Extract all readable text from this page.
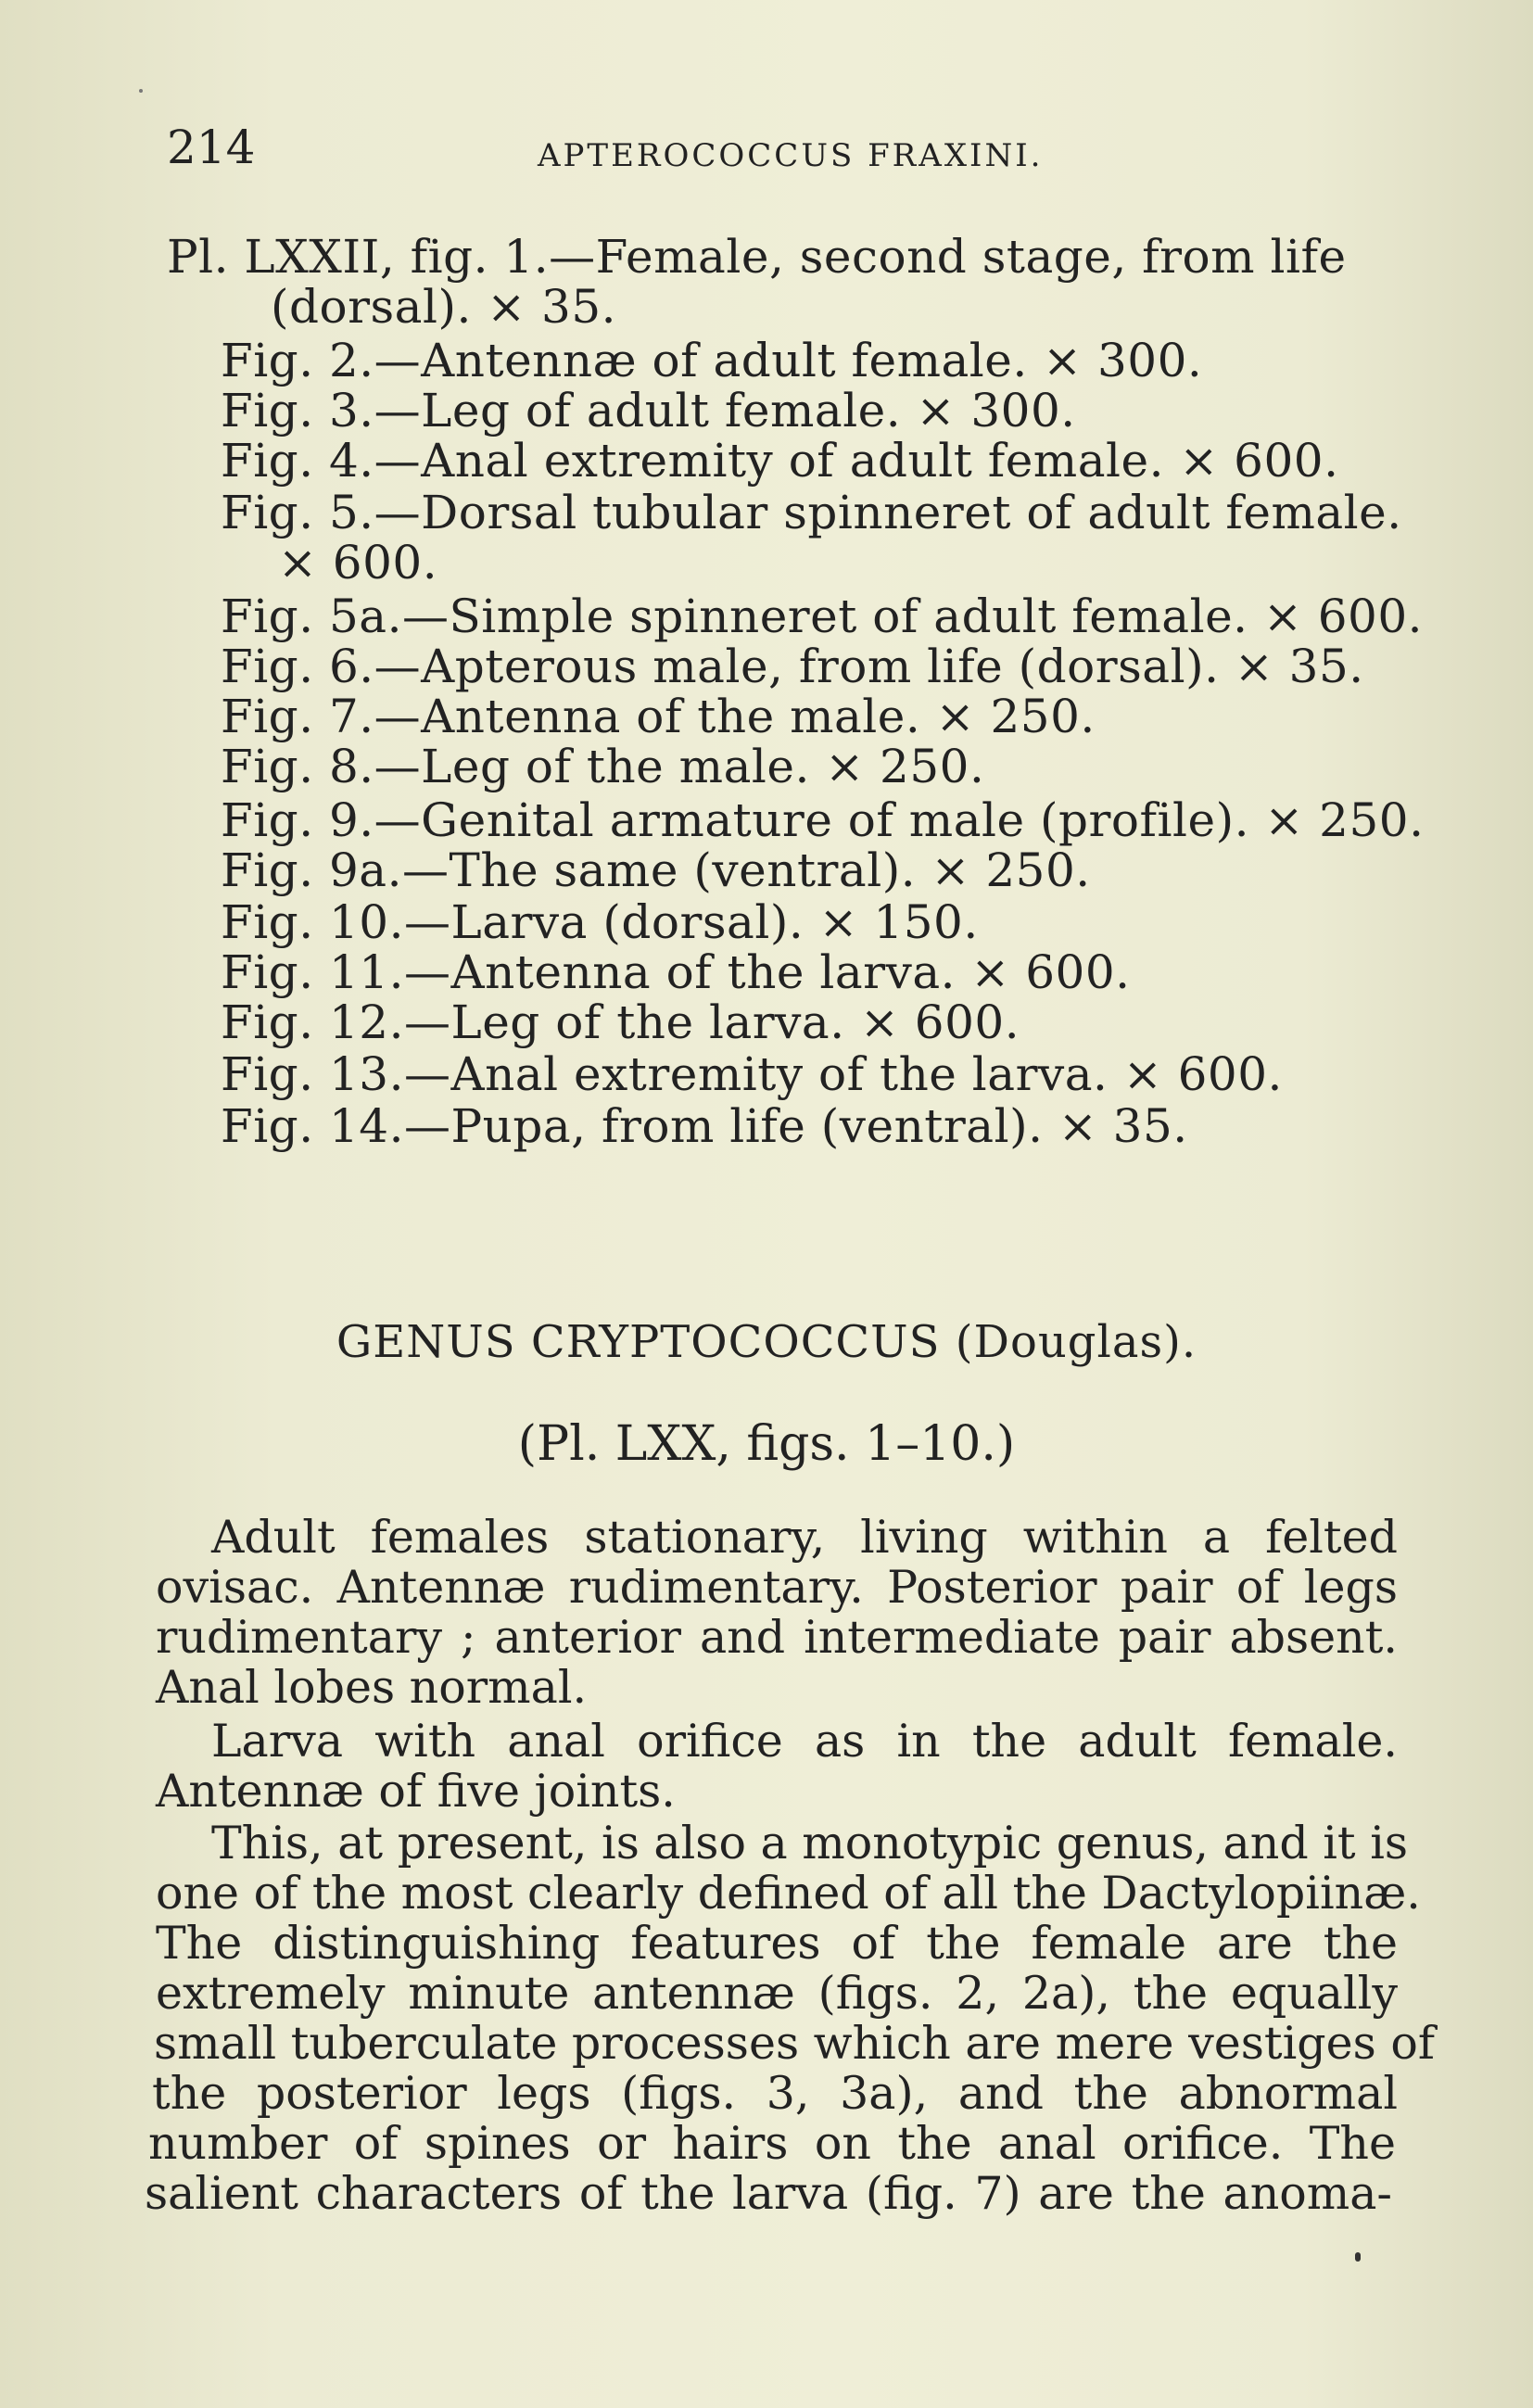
214	APTEROCOCCUS FRAXINI.
Pl. LXXII, fig. 1.—Female, second stage, from life
(dorsal). × 35.
Fig. 2.—Antennæ of adult female. × 300.
Fig. 3.—Leg of adult female. × 300.
Fig. 4.—Anal extremity of adult female. × 600.
Fig. 5.—Dorsal tubular spinneret of adult female.
× 600.
Fig. 5a.—Simple spinneret of adult female. × 600.
Fig. 6.—Apterous male, from life (dorsal). × 35.
Fig. 7.—Antenna of the male. × 250.
Fig. 8.—Leg of the male. × 250.
Fig. 9.—Genital armature of male (profile). × 250.
Fig. 9a.—The same (ventral). × 250.
Fig. 10.—Larva (dorsal). × 150.
Fig. 11.—Antenna of the larva. × 600.
Fig. 12.—Leg of the larva. × 600.
Fig. 13.—Anal extremity of the larva. × 600.
Fig. 14.—Pupa, from life (ventral). × 35.
GENUS CRYPTOCOCCUS (Douglas).
(Pl. LXX, figs. 1–10.)
Adult females stationary, living within a felted
ovisac. Antennæ rudimentary. Posterior pair of legs
rudimentary ; anterior and intermediate pair absent.
Anal lobes normal.
Larva with anal orifice as in the adult female.
Antennæ of five joints.
This, at present, is also a monotypic genus, and it is
one of the most clearly defined of all the Dactylopiinæ.
The distinguishing features of the female are the
extremely minute antennæ (figs. 2, 2a), the equally
small tuberculate processes which are mere vestiges of
the posterior legs (figs. 3, 3a), and the abnormal
number of spines or hairs on the anal orifice. The
salient characters of the larva (fig. 7) are the anoma-
